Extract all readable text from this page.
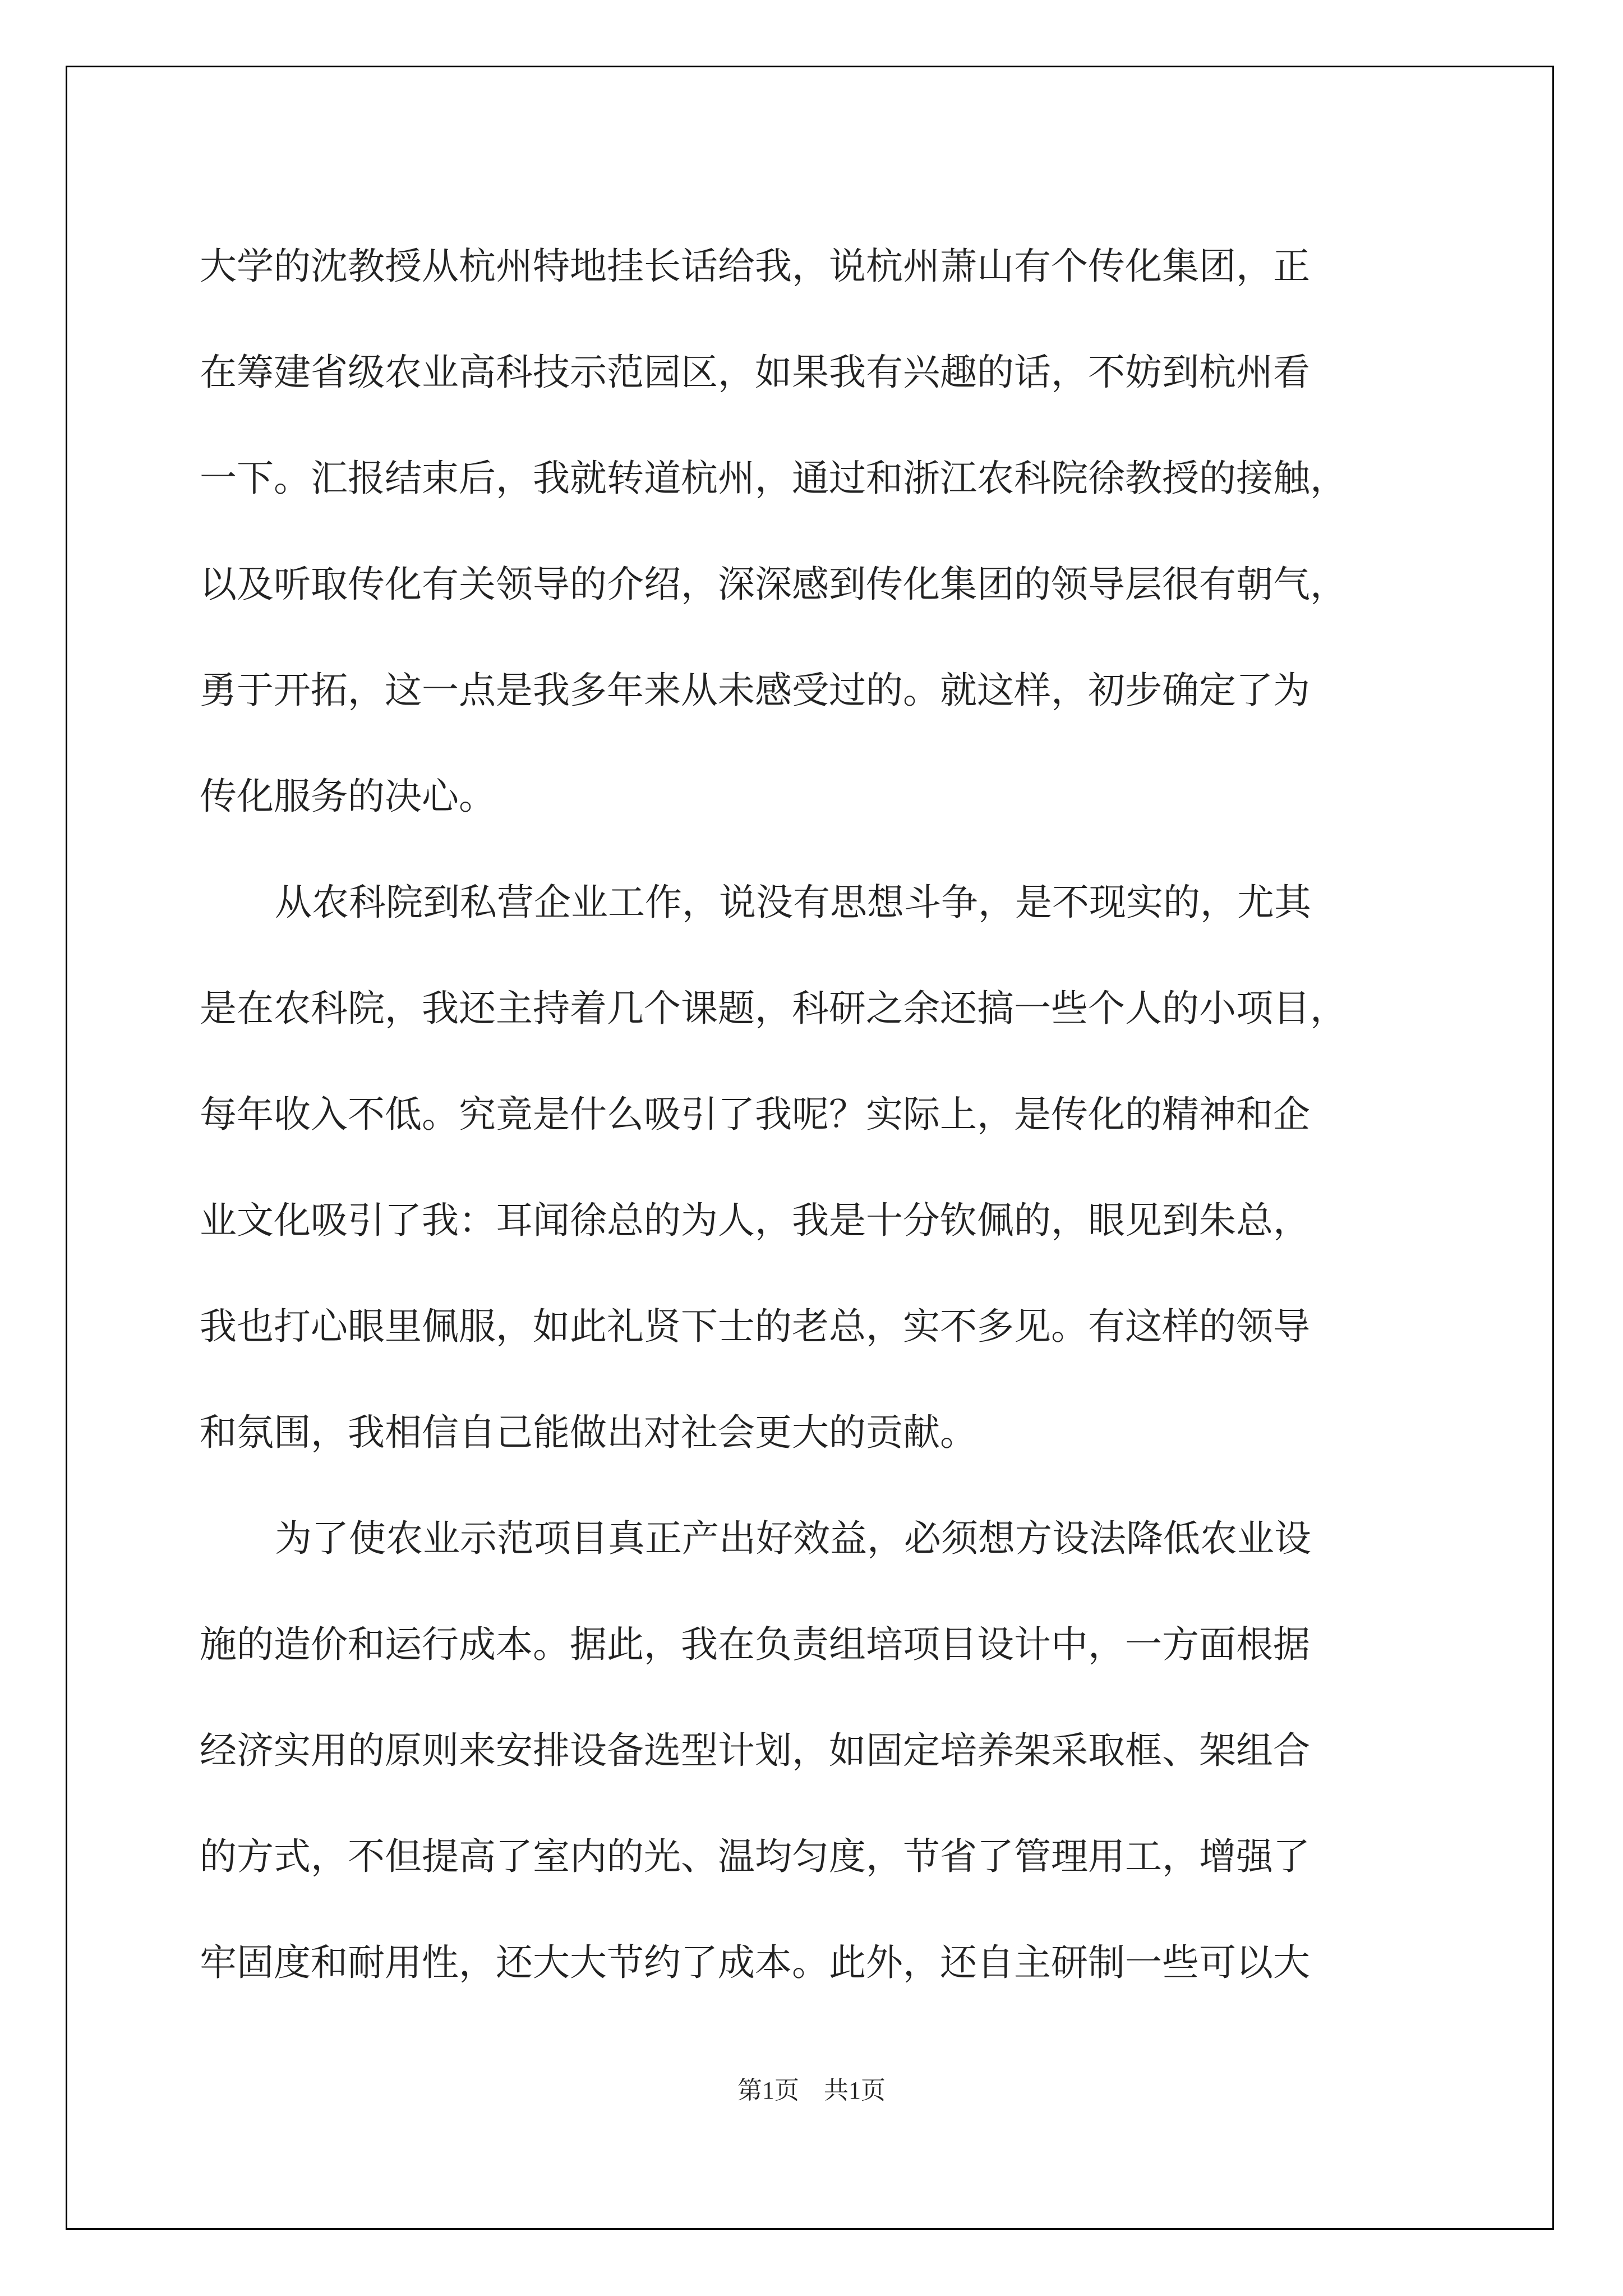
大学的沈教授从杭州特地挂长话给我，说杭州萧山有个传化集团，正
在筹建省级农业高科技示范园区，如果我有兴趣的话，不妨到杭州看
一下。汇报结束后，我就转道杭州，通过和浙江农科院徐教授的接触，
以及听取传化有关领导的介绍，深深感到传化集团的领导层很有朝气，
勇于开拓，这一点是我多年来从未感受过的。就这样，初步确定了为
传化服务的决心。

从农科院到私营企业工作，说没有思想斗争，是不现实的，尤其
是在农科院，我还主持着几个课题，科研之余还搞一些个人的小项目，
每年收入不低。究竟是什么吸引了我呢？实际上，是传化的精神和企
业文化吸引了我：耳闻徐总的为人，我是十分钦佩的，眼见到朱总，
我也打心眼里佩服，如此礼贤下士的老总，实不多见。有这样的领导
和氛围，我相信自己能做出对社会更大的贡献。

为了使农业示范项目真正产出好效益，必须想方设法降低农业设
施的造价和运行成本。据此，我在负责组培项目设计中，一方面根据
经济实用的原则来安排设备选型计划，如固定培养架采取框、架组合
的方式，不但提高了室内的光、温均匀度，节省了管理用工，增强了
牢固度和耐用性，还大大节约了成本。此外，还自主研制一些可以大

第1页　共1页
